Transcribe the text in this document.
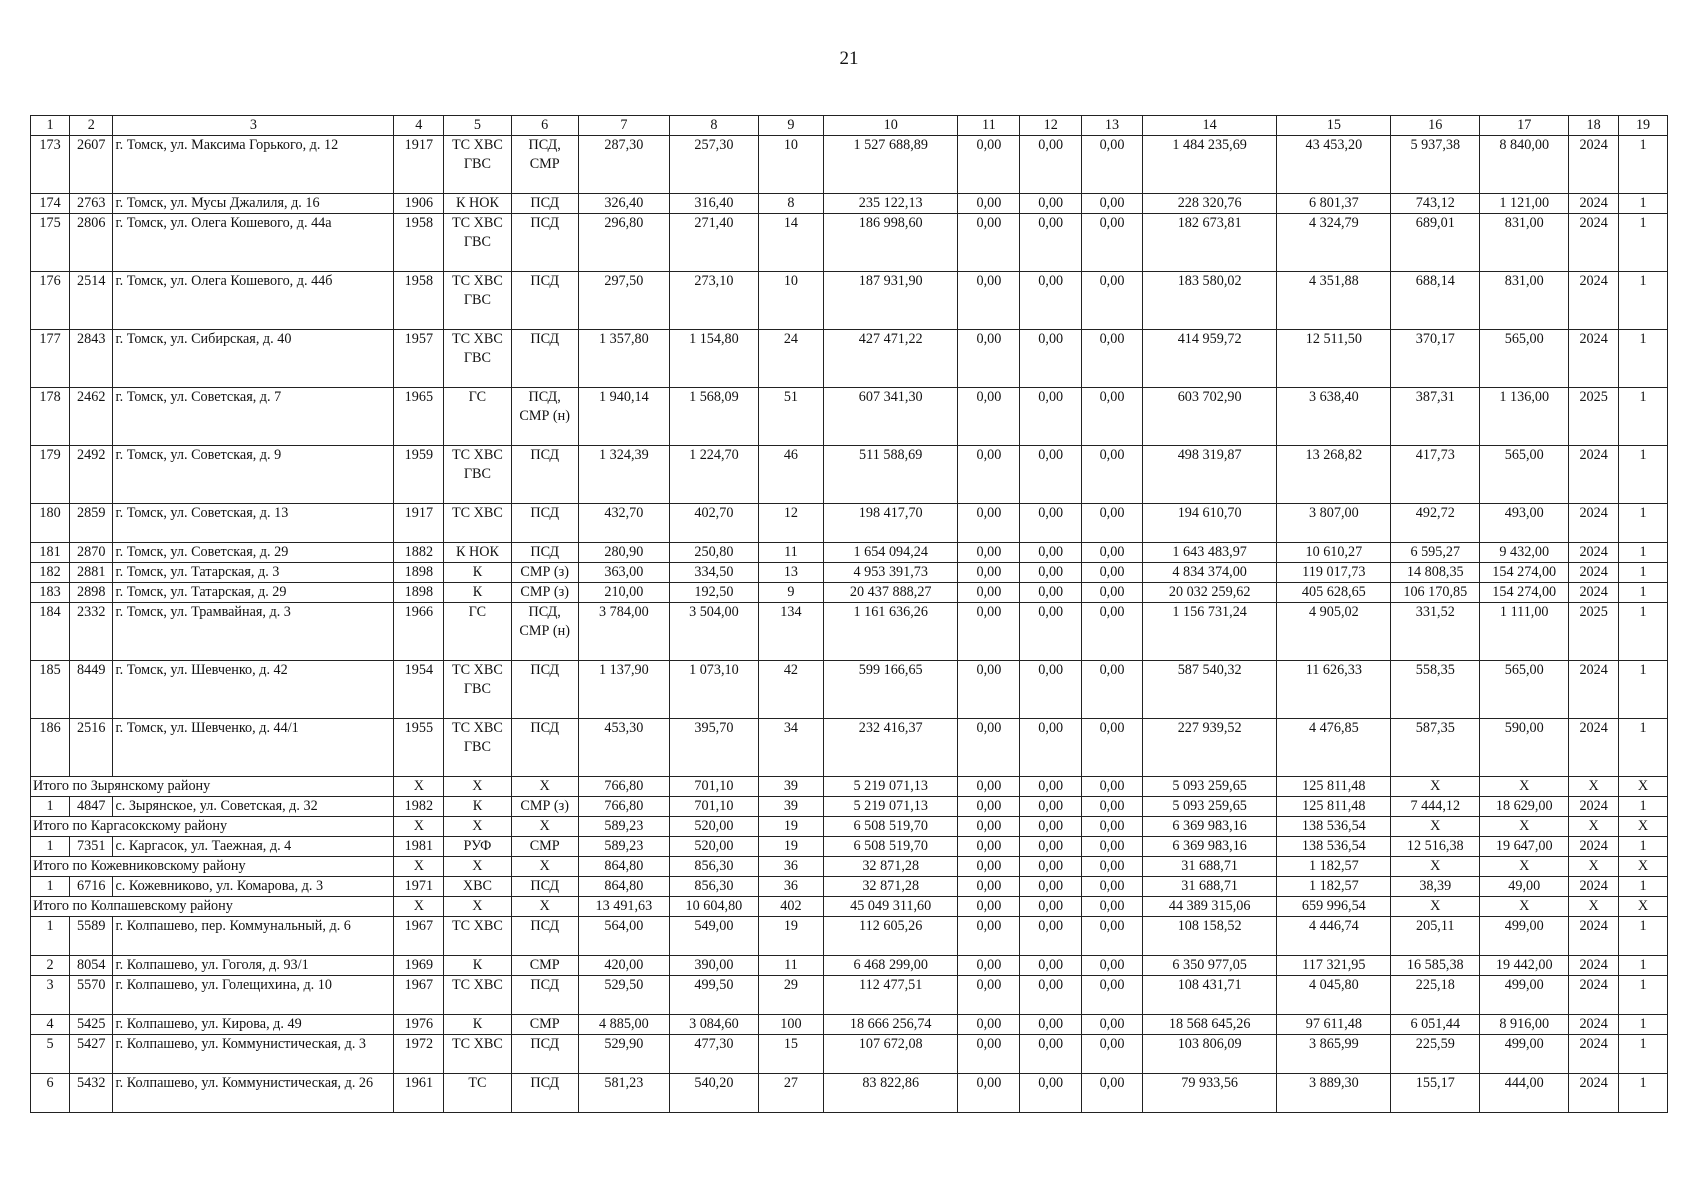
21
1	2	3	4	5	6	7	8	9	10	11	12	13	14	15	16	17	18	19
173	2607	г. Томск, ул. Максима Горького, д. 12	1917	ТС ХВС ГВС	ПСД, СМР	287,30	257,30	10	1 527 688,89	0,00	0,00	0,00	1 484 235,69	43 453,20	5 937,38	8 840,00	2024	1
174	2763	г. Томск, ул. Мусы Джалиля, д. 16	1906	К НОК	ПСД	326,40	316,40	8	235 122,13	0,00	0,00	0,00	228 320,76	6 801,37	743,12	1 121,00	2024	1
175	2806	г. Томск, ул. Олега Кошевого, д. 44а	1958	ТС ХВС ГВС	ПСД	296,80	271,40	14	186 998,60	0,00	0,00	0,00	182 673,81	4 324,79	689,01	831,00	2024	1
176	2514	г. Томск, ул. Олега Кошевого, д. 44б	1958	ТС ХВС ГВС	ПСД	297,50	273,10	10	187 931,90	0,00	0,00	0,00	183 580,02	4 351,88	688,14	831,00	2024	1
177	2843	г. Томск, ул. Сибирская, д. 40	1957	ТС ХВС ГВС	ПСД	1 357,80	1 154,80	24	427 471,22	0,00	0,00	0,00	414 959,72	12 511,50	370,17	565,00	2024	1
178	2462	г. Томск, ул. Советская, д. 7	1965	ГС	ПСД, СМР (н)	1 940,14	1 568,09	51	607 341,30	0,00	0,00	0,00	603 702,90	3 638,40	387,31	1 136,00	2025	1
179	2492	г. Томск, ул. Советская, д. 9	1959	ТС ХВС ГВС	ПСД	1 324,39	1 224,70	46	511 588,69	0,00	0,00	0,00	498 319,87	13 268,82	417,73	565,00	2024	1
180	2859	г. Томск, ул. Советская, д. 13	1917	ТС ХВС	ПСД	432,70	402,70	12	198 417,70	0,00	0,00	0,00	194 610,70	3 807,00	492,72	493,00	2024	1
181	2870	г. Томск, ул. Советская, д. 29	1882	К НОК	ПСД	280,90	250,80	11	1 654 094,24	0,00	0,00	0,00	1 643 483,97	10 610,27	6 595,27	9 432,00	2024	1
182	2881	г. Томск, ул. Татарская, д. 3	1898	К	СМР (з)	363,00	334,50	13	4 953 391,73	0,00	0,00	0,00	4 834 374,00	119 017,73	14 808,35	154 274,00	2024	1
183	2898	г. Томск, ул. Татарская, д. 29	1898	К	СМР (з)	210,00	192,50	9	20 437 888,27	0,00	0,00	0,00	20 032 259,62	405 628,65	106 170,85	154 274,00	2024	1
184	2332	г. Томск, ул. Трамвайная, д. 3	1966	ГС	ПСД, СМР (н)	3 784,00	3 504,00	134	1 161 636,26	0,00	0,00	0,00	1 156 731,24	4 905,02	331,52	1 111,00	2025	1
185	8449	г. Томск, ул. Шевченко, д. 42	1954	ТС ХВС ГВС	ПСД	1 137,90	1 073,10	42	599 166,65	0,00	0,00	0,00	587 540,32	11 626,33	558,35	565,00	2024	1
186	2516	г. Томск, ул. Шевченко, д. 44/1	1955	ТС ХВС ГВС	ПСД	453,30	395,70	34	232 416,37	0,00	0,00	0,00	227 939,52	4 476,85	587,35	590,00	2024	1
Итого по Зырянскому району			X	X	X	766,80	701,10	39	5 219 071,13	0,00	0,00	0,00	5 093 259,65	125 811,48	X	X	X	X
1	4847	с. Зырянское, ул. Советская, д. 32	1982	К	СМР (з)	766,80	701,10	39	5 219 071,13	0,00	0,00	0,00	5 093 259,65	125 811,48	7 444,12	18 629,00	2024	1
Итого по Каргасокскому району			X	X	X	589,23	520,00	19	6 508 519,70	0,00	0,00	0,00	6 369 983,16	138 536,54	X	X	X	X
1	7351	с. Каргасок, ул. Таежная, д. 4	1981	РУФ	СМР	589,23	520,00	19	6 508 519,70	0,00	0,00	0,00	6 369 983,16	138 536,54	12 516,38	19 647,00	2024	1
Итого по Кожевниковскому району			X	X	X	864,80	856,30	36	32 871,28	0,00	0,00	0,00	31 688,71	1 182,57	X	X	X	X
1	6716	с. Кожевниково, ул. Комарова, д. 3	1971	ХВС	ПСД	864,80	856,30	36	32 871,28	0,00	0,00	0,00	31 688,71	1 182,57	38,39	49,00	2024	1
Итого по Колпашевскому району			X	X	X	13 491,63	10 604,80	402	45 049 311,60	0,00	0,00	0,00	44 389 315,06	659 996,54	X	X	X	X
1	5589	г. Колпашево, пер. Коммунальный, д. 6	1967	ТС ХВС	ПСД	564,00	549,00	19	112 605,26	0,00	0,00	0,00	108 158,52	4 446,74	205,11	499,00	2024	1
2	8054	г. Колпашево, ул. Гоголя, д. 93/1	1969	К	СМР	420,00	390,00	11	6 468 299,00	0,00	0,00	0,00	6 350 977,05	117 321,95	16 585,38	19 442,00	2024	1
3	5570	г. Колпашево, ул. Голещихина, д. 10	1967	ТС ХВС	ПСД	529,50	499,50	29	112 477,51	0,00	0,00	0,00	108 431,71	4 045,80	225,18	499,00	2024	1
4	5425	г. Колпашево, ул. Кирова, д. 49	1976	К	СМР	4 885,00	3 084,60	100	18 666 256,74	0,00	0,00	0,00	18 568 645,26	97 611,48	6 051,44	8 916,00	2024	1
5	5427	г. Колпашево, ул. Коммунистическая, д. 3	1972	ТС ХВС	ПСД	529,90	477,30	15	107 672,08	0,00	0,00	0,00	103 806,09	3 865,99	225,59	499,00	2024	1
6	5432	г. Колпашево, ул. Коммунистическая, д. 26	1961	ТС	ПСД	581,23	540,20	27	83 822,86	0,00	0,00	0,00	79 933,56	3 889,30	155,17	444,00	2024	1
